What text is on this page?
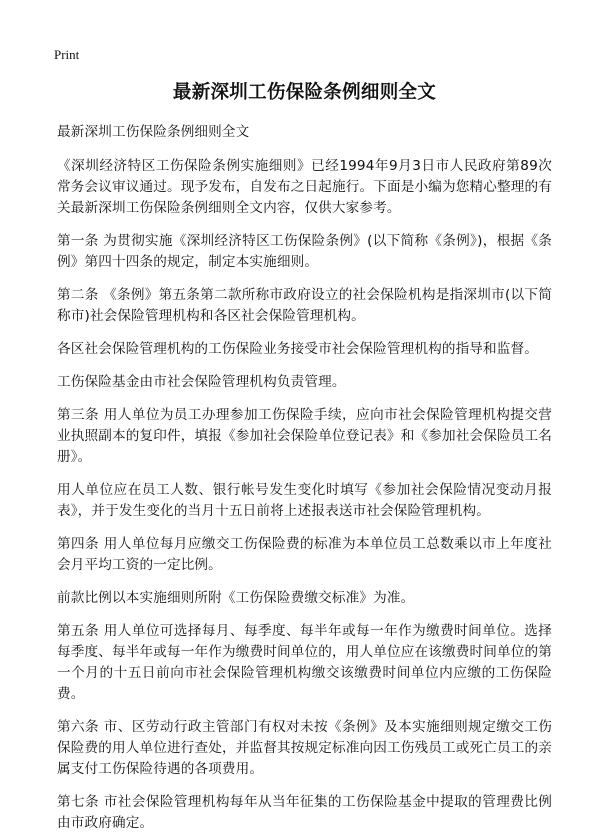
Print
最新深圳工伤保险条例细则全文

最新深圳工伤保险条例细则全文

《深圳经济特区工伤保险条例实施细则》已经1994年9月3日市人民政府第89次常务会议审议通过。现予发布，自发布之日起施行。下面是小编为您精心整理的有关最新深圳工伤保险条例细则全文内容，仅供大家参考。

第一条 为贯彻实施《深圳经济特区工伤保险条例》(以下简称《条例》)，根据《条例》第四十四条的规定，制定本实施细则。

第二条 《条例》第五条第二款所称市政府设立的社会保险机构是指深圳市(以下简称市)社会保险管理机构和各区社会保险管理机构。

各区社会保险管理机构的工伤保险业务接受市社会保险管理机构的指导和监督。

工伤保险基金由市社会保险管理机构负责管理。

第三条 用人单位为员工办理参加工伤保险手续，应向市社会保险管理机构提交营业执照副本的复印件，填报《参加社会保险单位登记表》和《参加社会保险员工名册》。

用人单位应在员工人数、银行帐号发生变化时填写《参加社会保险情况变动月报表》，并于发生变化的当月十五日前将上述报表送市社会保险管理机构。

第四条 用人单位每月应缴交工伤保险费的标准为本单位员工总数乘以市上年度社会月平均工资的一定比例。

前款比例以本实施细则所附《工伤保险费缴交标准》为准。

第五条 用人单位可选择每月、每季度、每半年或每一年作为缴费时间单位。选择每季度、每半年或每一年作为缴费时间单位的，用人单位应在该缴费时间单位的第一个月的十五日前向市社会保险管理机构缴交该缴费时间单位内应缴的工伤保险费。

第六条 市、区劳动行政主管部门有权对未按《条例》及本实施细则规定缴交工伤保险费的用人单位进行查处，并监督其按规定标准向因工伤残员工或死亡员工的亲属支付工伤保险待遇的各项费用。

第七条 市社会保险管理机构每年从当年征集的工伤保险基金中提取的管理费比例由市政府确定。
